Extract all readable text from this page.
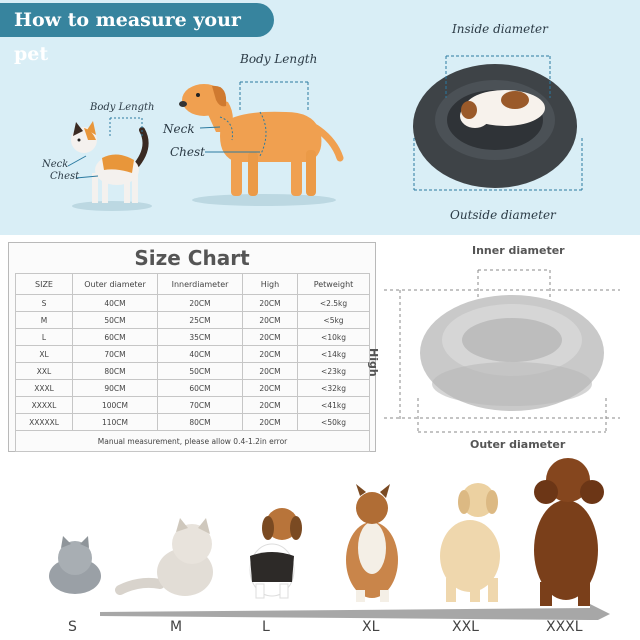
How to measure your pet
Body Length
Neck
Chest
Body Length
Neck
Chest
Inside diameter
Outside diameter
Size Chart
SIZE	Outer diameter	Innerdiameter	High	Petweight
S	40CM	20CM	20CM	<2.5kg
M	50CM	25CM	20CM	<5kg
L	60CM	35CM	20CM	<10kg
XL	70CM	40CM	20CM	<14kg
XXL	80CM	50CM	20CM	<23kg
XXXL	90CM	60CM	20CM	<32kg
XXXXL	100CM	70CM	20CM	<41kg
XXXXXL	110CM	80CM	20CM	<50kg
Manual measurement, please allow 0.4-1.2in error				
Inner diameter
High
Outer diameter
S	M	L	XL	XXL	XXXL
